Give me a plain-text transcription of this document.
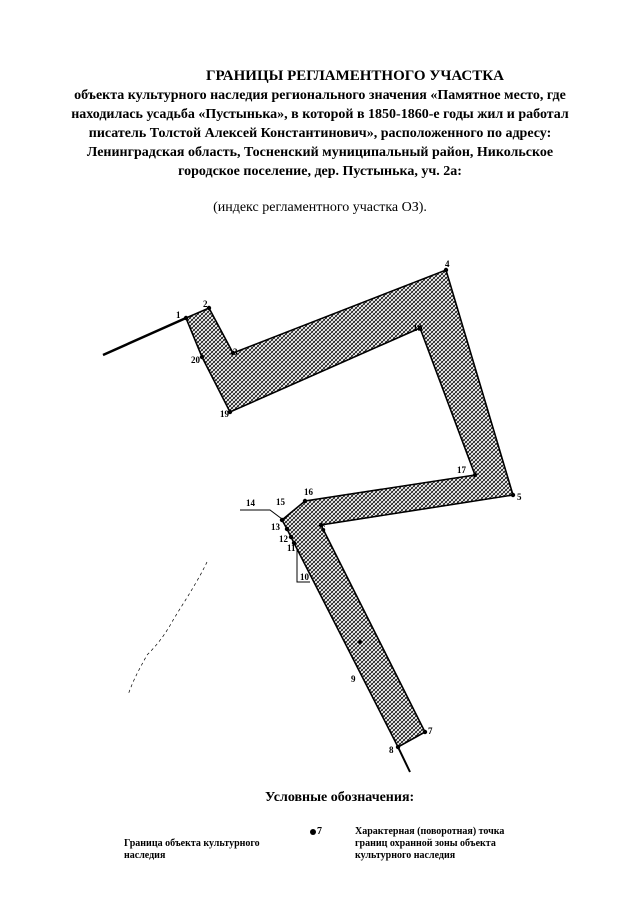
ГРАНИЦЫ РЕГЛАМЕНТНОГО УЧАСТКА
объекта культурного наследия регионального значения «Памятное место, где
находилась усадьба «Пустынька», в которой в 1850-1860-е годы жил и работал
писатель Толстой Алексей Константинович», расположенного по адресу:
Ленинградская область, Тосненский муниципальный район, Никольское
городское поселение, дер. Пустынька, уч. 2а:
(индекс регламентного участка ОЗ).
1
2
3
4
5
6
7
8
9
10
11
12
13
14 15
16
17
18
19
20
Условные обозначения:
Граница объекта культурного наследия
7	Характерная (поворотная) точка границ охранной зоны объекта культурного наследия
